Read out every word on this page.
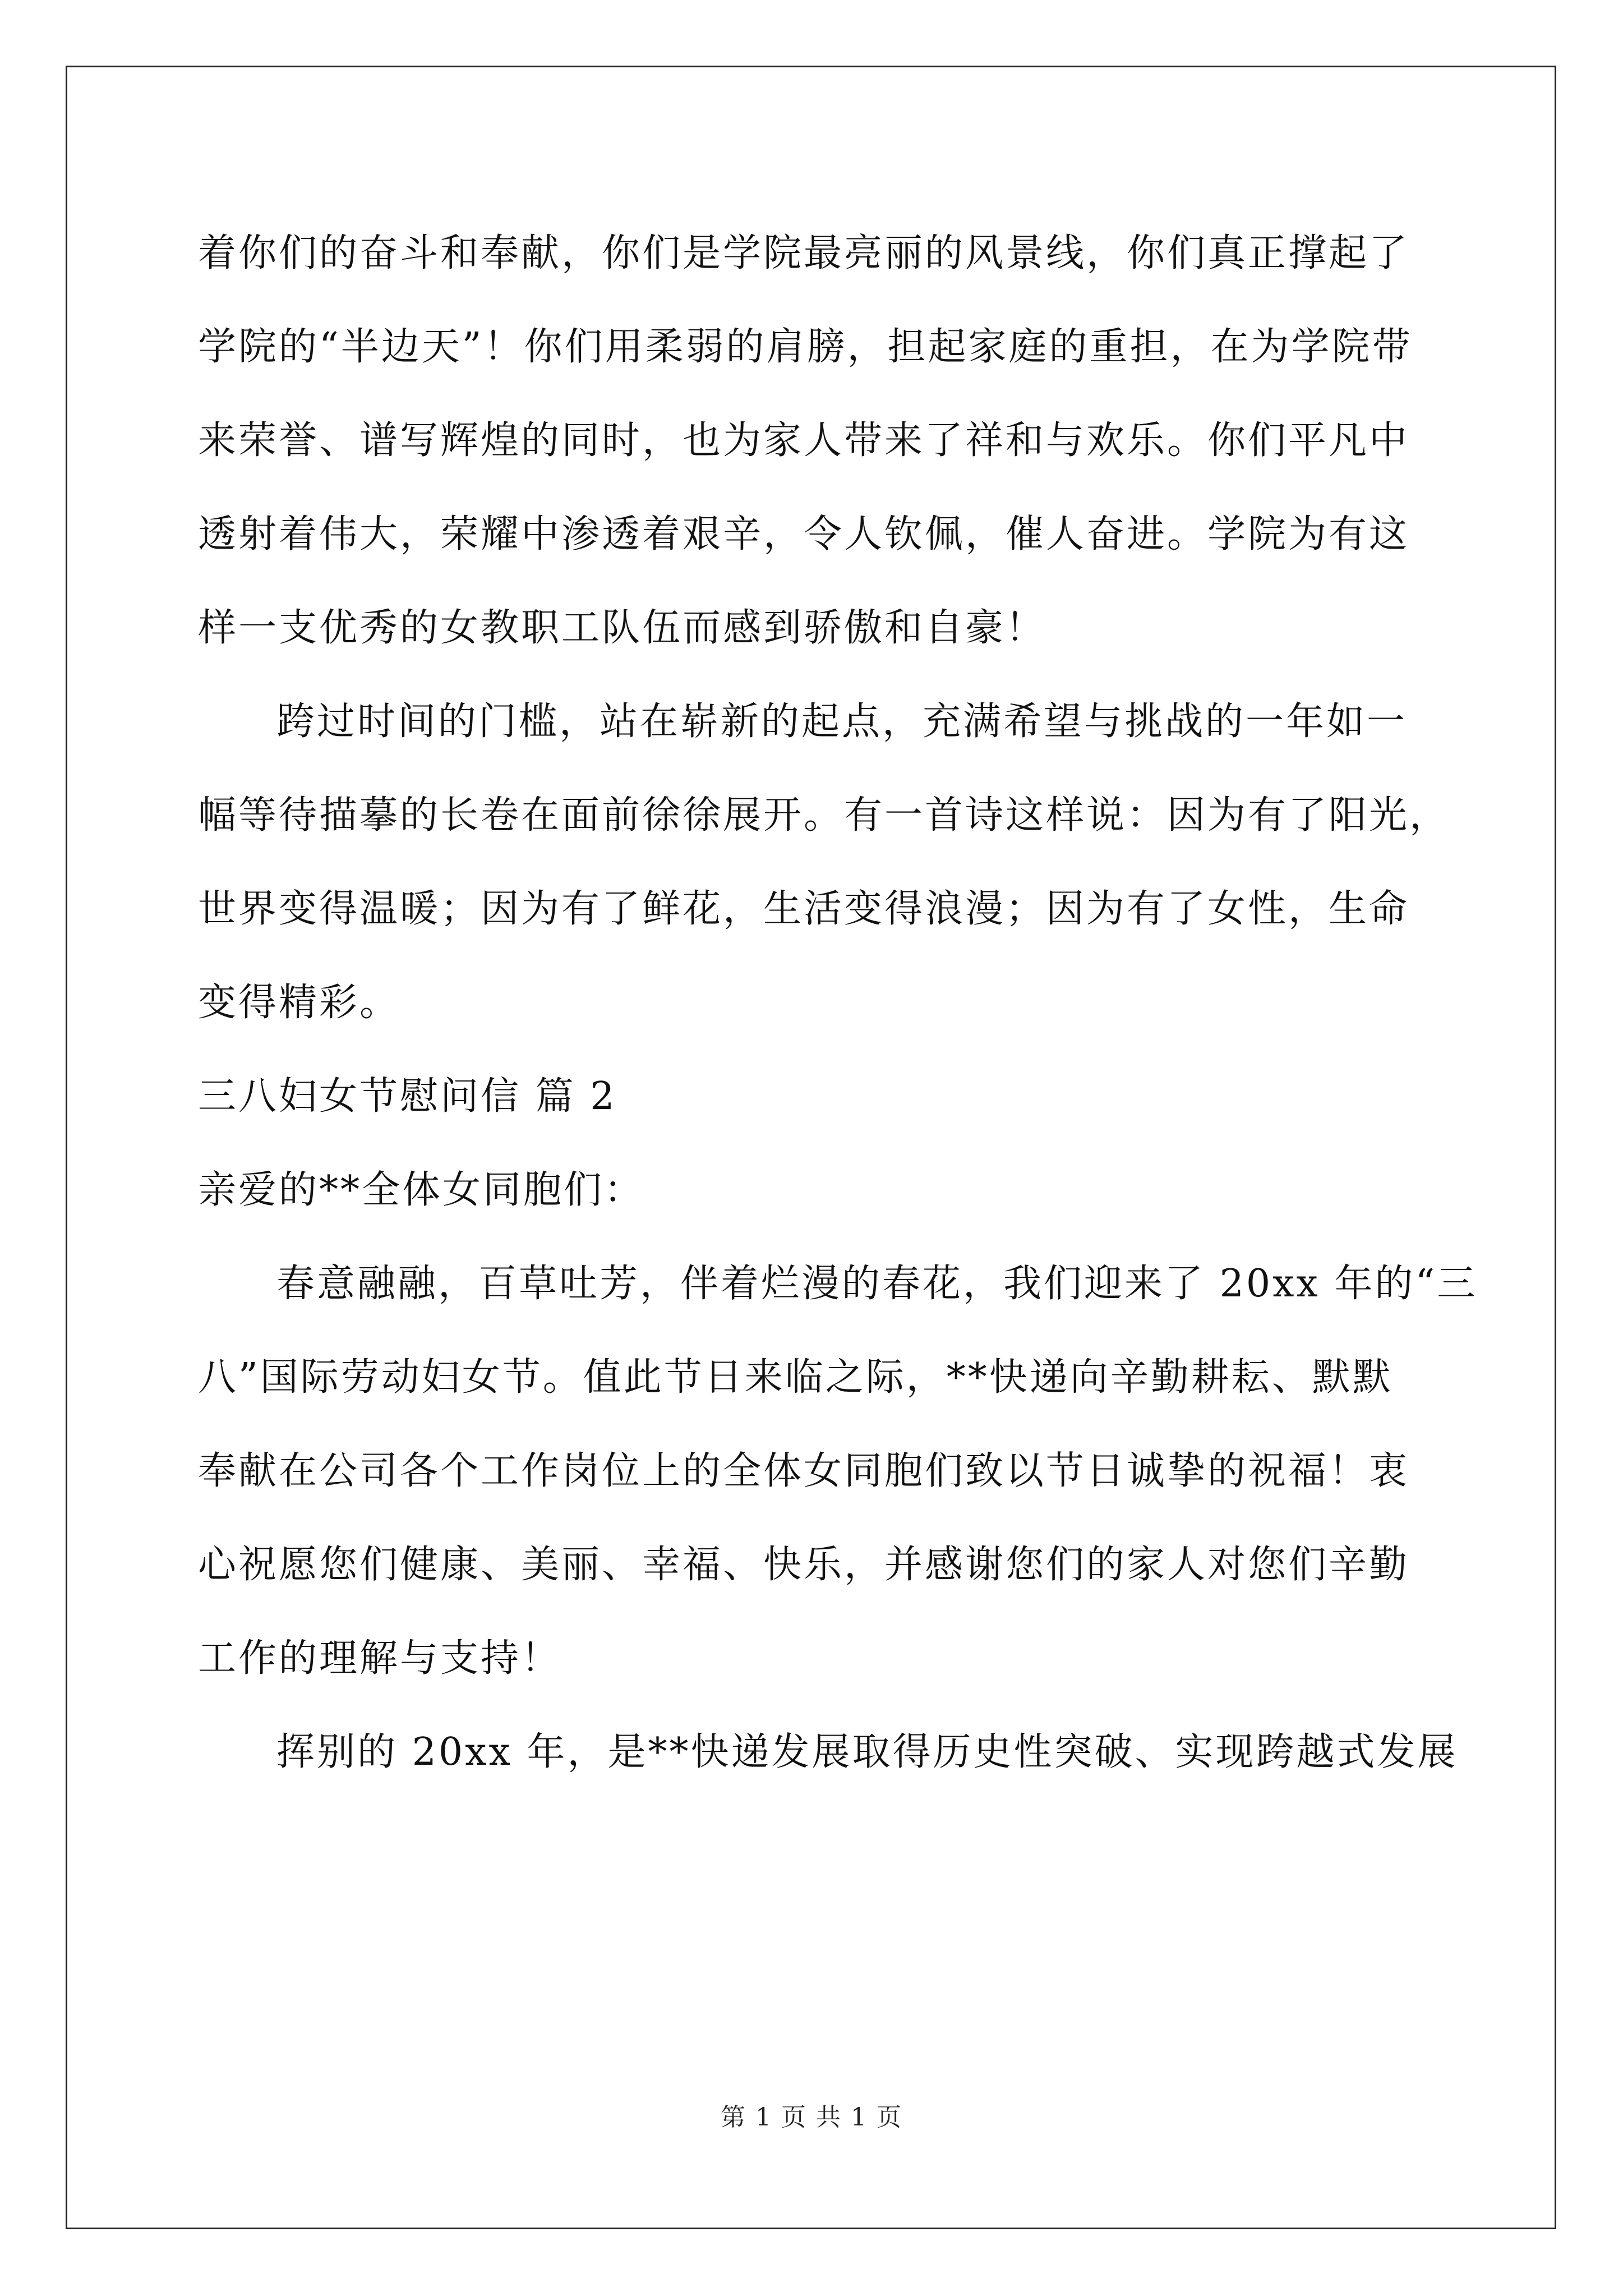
着你们的奋斗和奉献，你们是学院最亮丽的风景线，你们真正撑起了
学院的“半边天”！你们用柔弱的肩膀，担起家庭的重担，在为学院带
来荣誉、谱写辉煌的同时，也为家人带来了祥和与欢乐。你们平凡中
透射着伟大，荣耀中渗透着艰辛，令人钦佩，催人奋进。学院为有这
样一支优秀的女教职工队伍而感到骄傲和自豪！
跨过时间的门槛，站在崭新的起点，充满希望与挑战的一年如一
幅等待描摹的长卷在面前徐徐展开。有一首诗这样说：因为有了阳光，
世界变得温暖；因为有了鲜花，生活变得浪漫；因为有了女性，生命
变得精彩。
三八妇女节慰问信 篇 2
亲爱的**全体女同胞们：
春意融融，百草吐芳，伴着烂漫的春花，我们迎来了 20xx 年的“三
八”国际劳动妇女节。值此节日来临之际，**快递向辛勤耕耘、默默
奉献在公司各个工作岗位上的全体女同胞们致以节日诚挚的祝福！衷
心祝愿您们健康、美丽、幸福、快乐，并感谢您们的家人对您们辛勤
工作的理解与支持！
挥别的 20xx 年，是**快递发展取得历史性突破、实现跨越式发展
第 1 页 共 1 页
